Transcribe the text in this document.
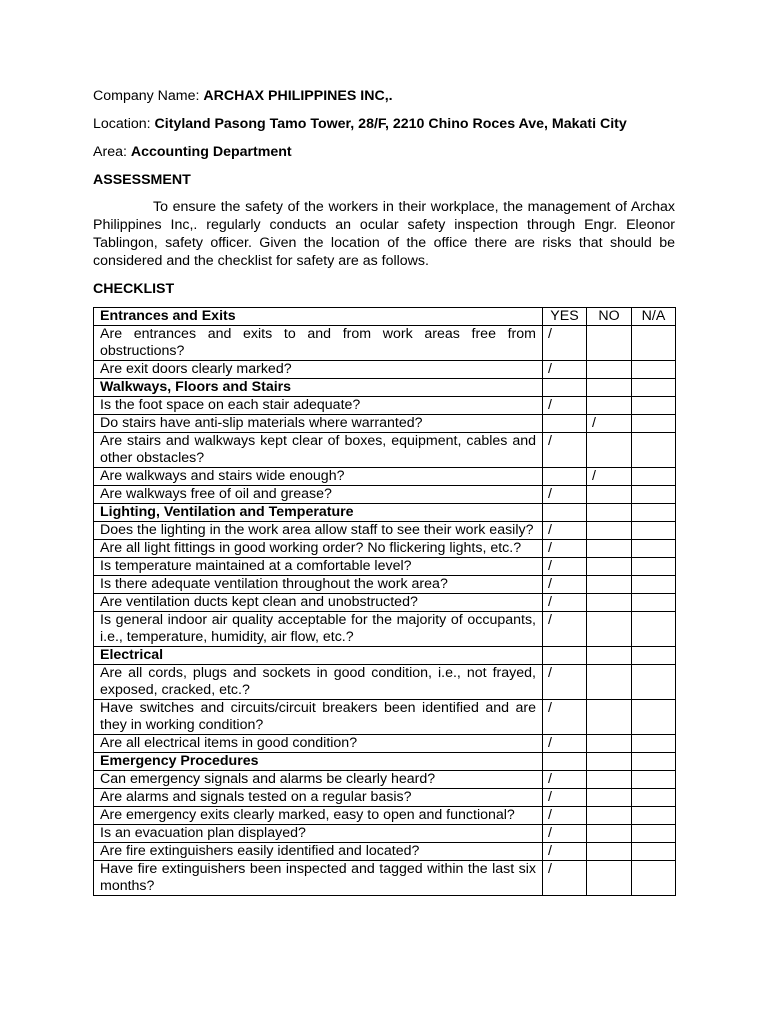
Company Name: ARCHAX PHILIPPINES INC,.
Location: Cityland Pasong Tamo Tower, 28/F, 2210 Chino Roces Ave, Makati City
Area: Accounting Department
ASSESSMENT
To ensure the safety of the workers in their workplace, the management of Archax Philippines Inc,. regularly conducts an ocular safety inspection through Engr. Eleonor Tablingon, safety officer. Given the location of the office there are risks that should be considered and the checklist for safety are as follows.
CHECKLIST
Entrances and Exits	YES	NO	N/A
Are entrances and exits to and from work areas free from obstructions?	/		
Are exit doors clearly marked?	/		
Walkways, Floors and Stairs			
Is the foot space on each stair adequate?	/		
Do stairs have anti-slip materials where warranted?		/	
Are stairs and walkways kept clear of boxes, equipment, cables and other obstacles?	/		
Are walkways and stairs wide enough?		/	
Are walkways free of oil and grease?	/		
Lighting, Ventilation and Temperature			
Does the lighting in the work area allow staff to see their work easily?	/		
Are all light fittings in good working order? No flickering lights, etc.?	/		
Is temperature maintained at a comfortable level?	/		
Is there adequate ventilation throughout the work area?	/		
Are ventilation ducts kept clean and unobstructed?	/		
Is general indoor air quality acceptable for the majority of occupants, i.e., temperature, humidity, air flow, etc.?	/		
Electrical			
Are all cords, plugs and sockets in good condition, i.e., not frayed, exposed, cracked, etc.?	/		
Have switches and circuits/circuit breakers been identified and are they in working condition?	/		
Are all electrical items in good condition?	/		
Emergency Procedures			
Can emergency signals and alarms be clearly heard?	/		
Are alarms and signals tested on a regular basis?	/		
Are emergency exits clearly marked, easy to open and functional?	/		
Is an evacuation plan displayed?	/		
Are fire extinguishers easily identified and located?	/		
Have fire extinguishers been inspected and tagged within the last six months?	/		
